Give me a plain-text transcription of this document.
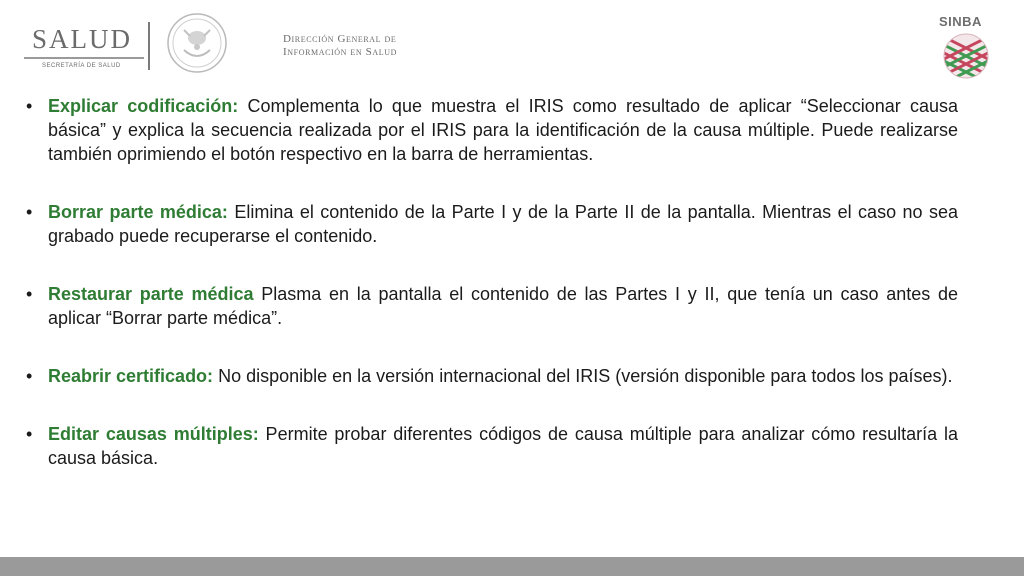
SALUD
SECRETARÍA DE SALUD
Dirección General de
Información en Salud
SINBA

• Explicar codificación: Complementa lo que muestra el IRIS como resultado de aplicar “Seleccionar causa básica” y explica la secuencia realizada por el IRIS para la identificación de la causa múltiple. Puede realizarse también oprimiendo el botón respectivo en la barra de herramientas.

• Borrar parte médica: Elimina el contenido de la Parte I y de la Parte II de la pantalla. Mientras el caso no sea grabado puede recuperarse el contenido.

• Restaurar parte médica Plasma en la pantalla el contenido de las Partes I y II, que tenía un caso antes de aplicar “Borrar parte médica”.

• Reabrir certificado: No disponible en la versión internacional del IRIS (versión disponible para todos los países).

• Editar causas múltiples: Permite probar diferentes códigos de causa múltiple para analizar cómo resultaría la causa básica.
